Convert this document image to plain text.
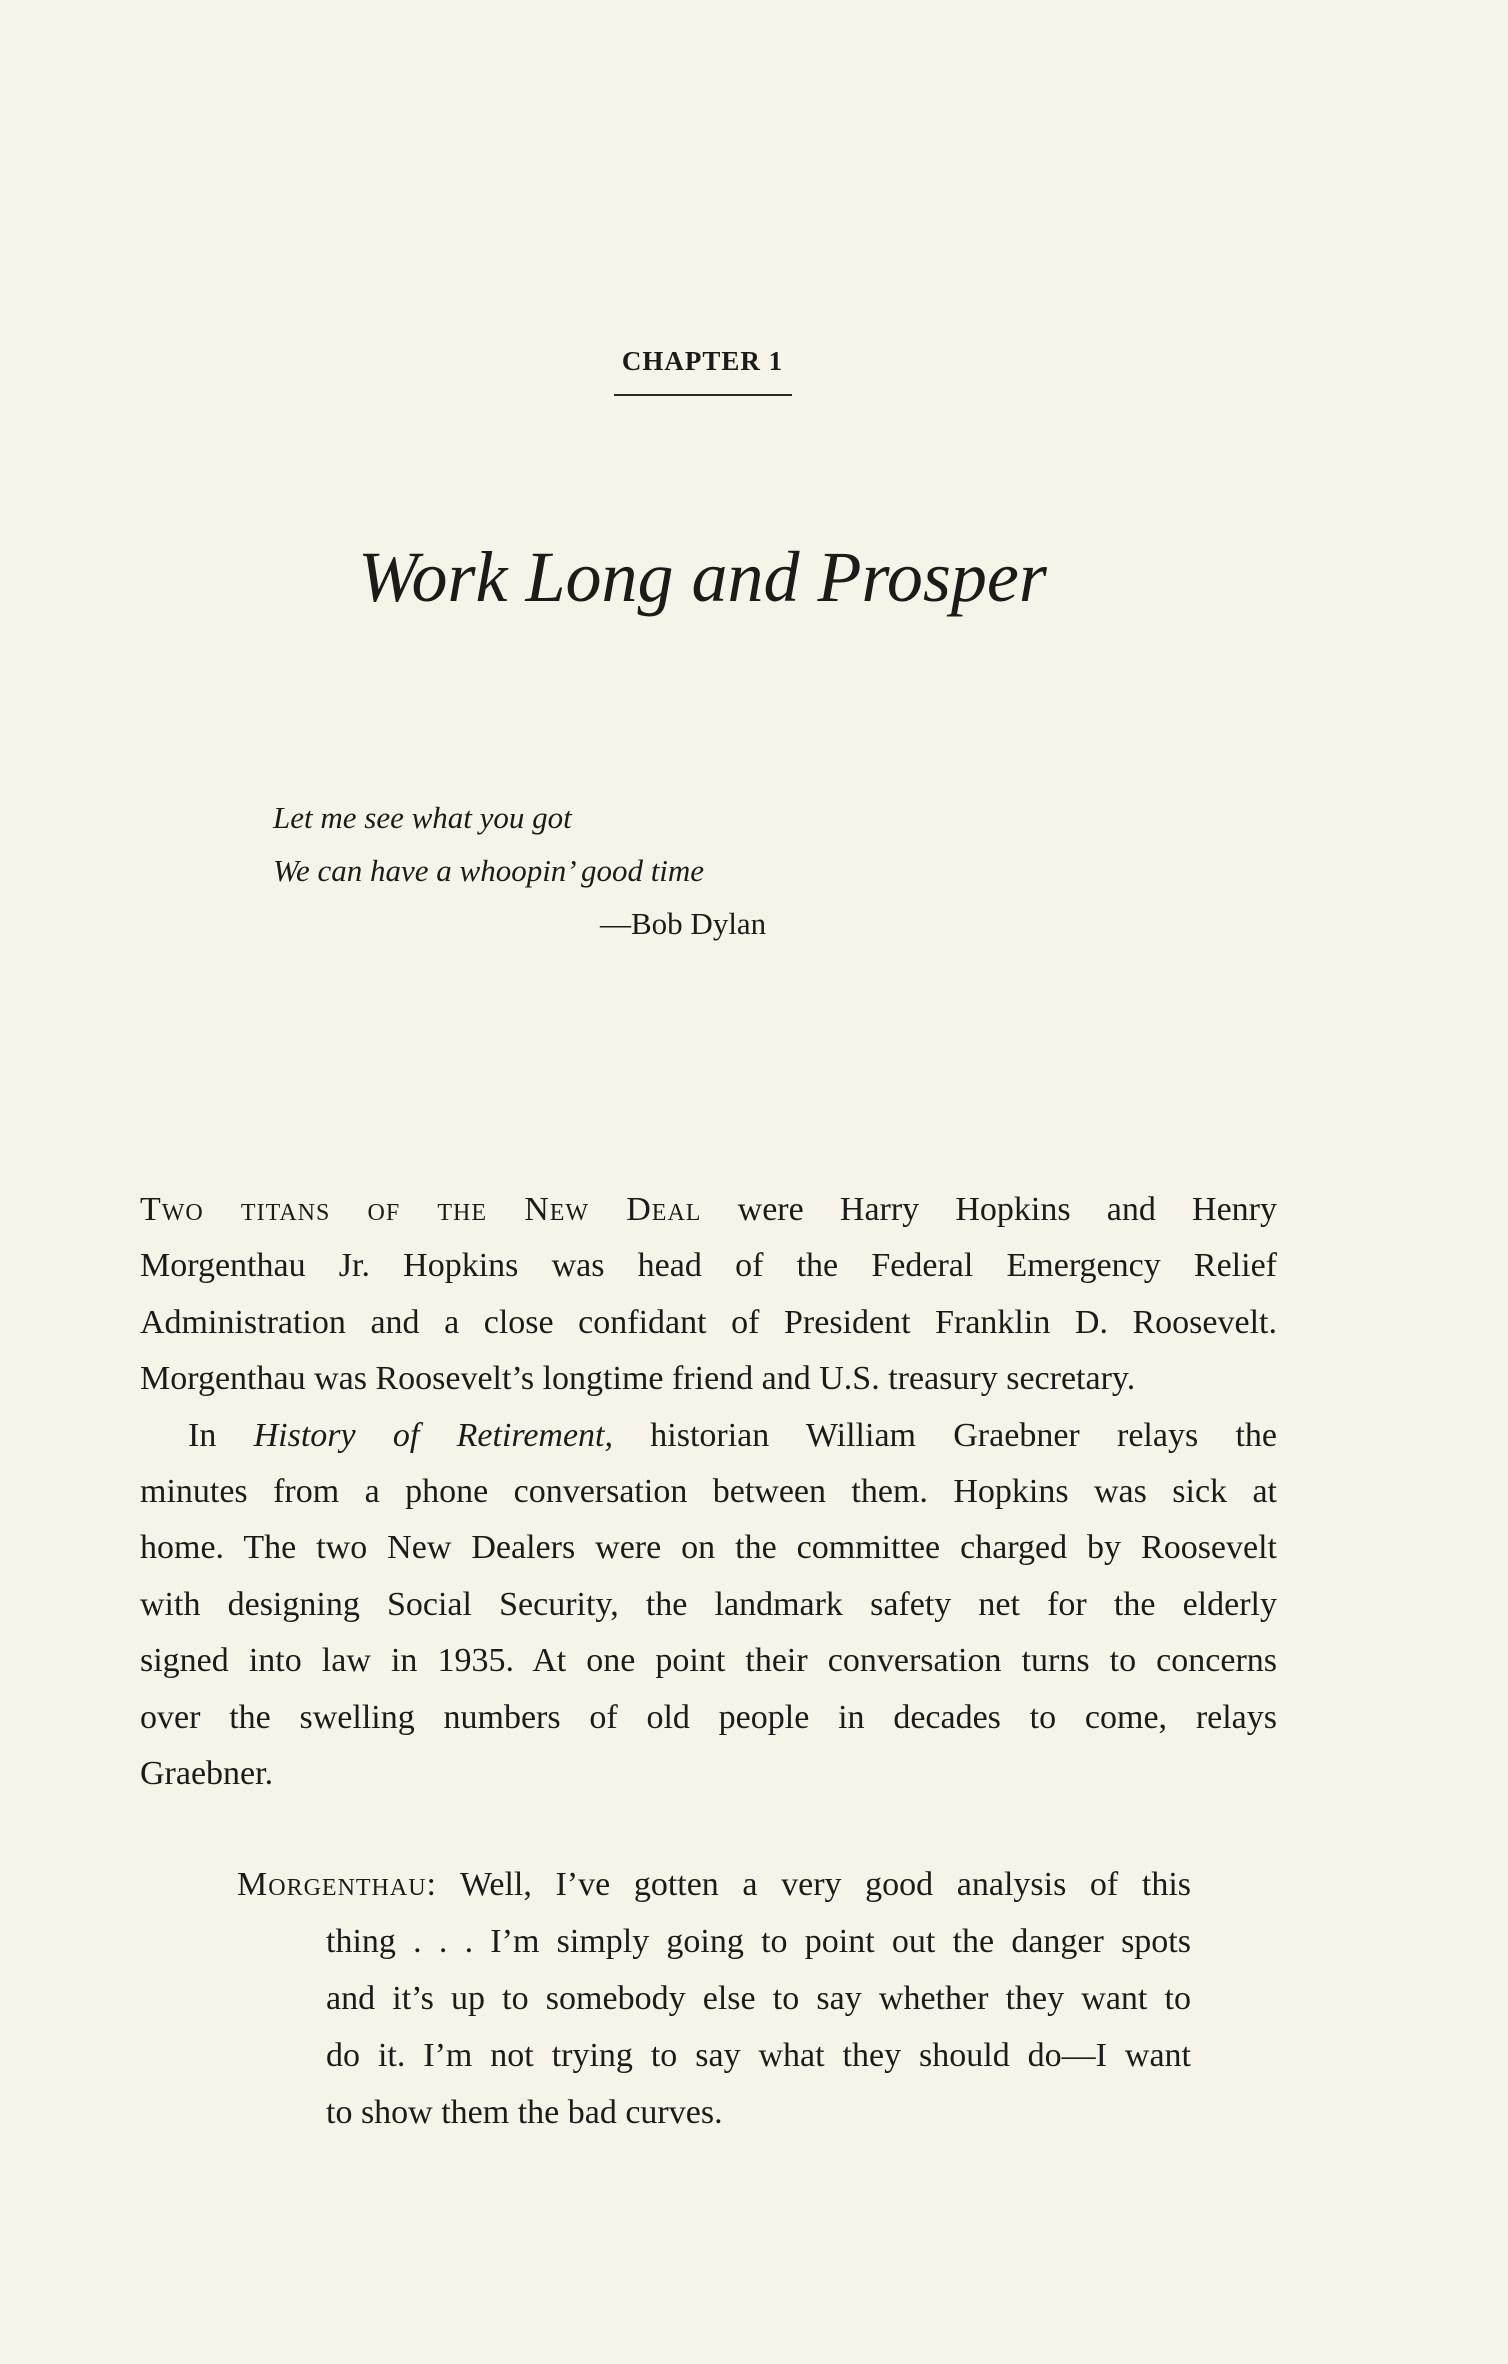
CHAPTER 1
Work Long and Prosper
Let me see what you got
We can have a whoopin’ good time
—Bob Dylan
Two titans of the New Deal were Harry Hopkins and Henry
Morgenthau Jr. Hopkins was head of the Federal Emergency Relief
Administration and a close confidant of President Franklin D. Roosevelt.
Morgenthau was Roosevelt’s longtime friend and U.S. treasury secretary.
In History of Retirement, historian William Graebner relays the
minutes from a phone conversation between them. Hopkins was sick at
home. The two New Dealers were on the committee charged by Roosevelt
with designing Social Security, the landmark safety net for the elderly
signed into law in 1935. At one point their conversation turns to concerns
over the swelling numbers of old people in decades to come, relays
Graebner.
Morgenthau: Well, I’ve gotten a very good analysis of this
thing . . . I’m simply going to point out the danger spots
and it’s up to somebody else to say whether they want to
do it. I’m not trying to say what they should do—I want
to show them the bad curves.
